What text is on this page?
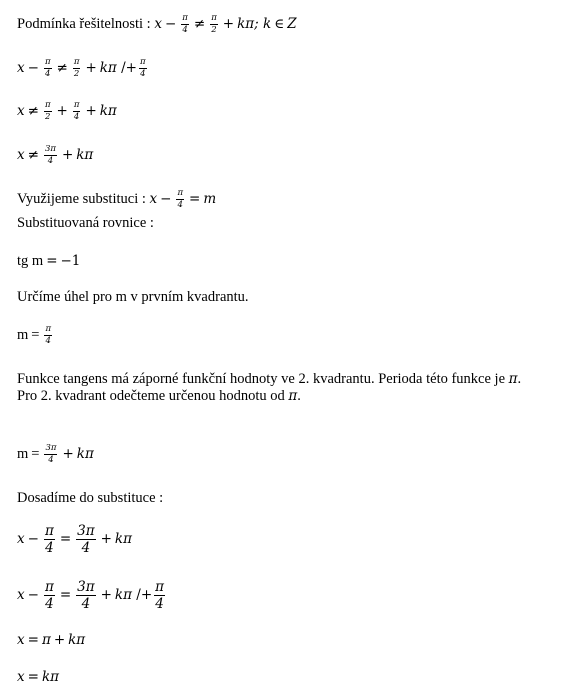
Podmínka řešitelnosti : $x - \frac{\pi}{4} \ne \frac{\pi}{2} + k\pi$; k ∈ Z
$x - \frac{\pi}{4} \ne \frac{\pi}{2} + k\pi /+ \frac{\pi}{4}$
$x \ne \frac{\pi}{2} + \frac{\pi}{4} + k\pi$
$x \ne \frac{3\pi}{4} + k\pi$
Využijeme substituci : $x - \frac{\pi}{4} = m$
Substituovaná rovnice :
tg m = −1
Určíme úhel pro m v prvním kvadrantu.
$m = \frac{\pi}{4}$
Funkce tangens má záporné funkční hodnoty ve 2. kvadrantu. Perioda této funkce je π.
Pro 2. kvadrant odečteme určenou hodnotu od π.
$m = \frac{3\pi}{4} + k\pi$
Dosadíme do substituce :
$x - \frac{\pi}{4} = \frac{3\pi}{4} + k\pi$
$x - \frac{\pi}{4} = \frac{3\pi}{4} + k\pi /+ \frac{\pi}{4}$
x = π + kπ
x = kπ
